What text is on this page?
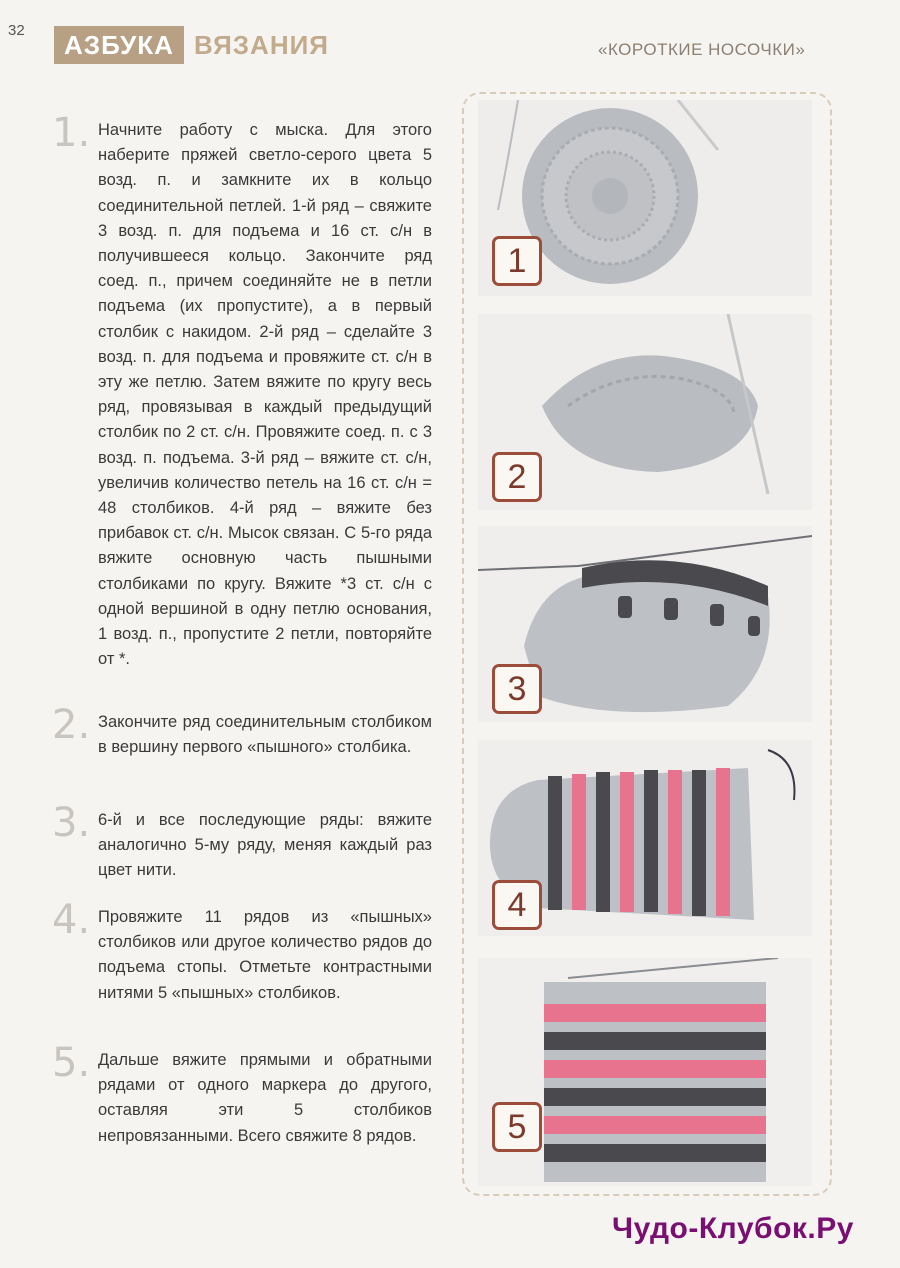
32	АЗБУКА ВЯЗАНИЯ	«КОРОТКИЕ НОСОЧКИ»
1. Начните работу с мыска. Для этого наберите пряжей светло-серого цвета 5 возд. п. и замкните их в кольцо соединительной петлей. 1-й ряд – свяжите 3 возд. п. для подъема и 16 ст. с/н в получившееся кольцо. Закончите ряд соед. п., причем соединяйте не в петли подъема (их пропустите), а в первый столбик с накидом. 2-й ряд – сделайте 3 возд. п. для подъема и провяжите ст. с/н в эту же петлю. Затем вяжите по кругу весь ряд, провязывая в каждый предыдущий столбик по 2 ст. с/н. Провяжите соед. п. с 3 возд. п. подъема. 3-й ряд – вяжите ст. с/н, увеличив количество петель на 16 ст. с/н = 48 столбиков. 4-й ряд – вяжите без прибавок ст. с/н. Мысок связан. С 5-го ряда вяжите основную часть пышными столбиками по кругу. Вяжите *3 ст. с/н с одной вершиной в одну петлю основания, 1 возд. п., пропустите 2 петли, повторяйте от *.
2. Закончите ряд соединительным столбиком в вершину первого «пышного» столбика.
3. 6-й и все последующие ряды: вяжите аналогично 5-му ряду, меняя каждый раз цвет нити.
4. Провяжите 11 рядов из «пышных» столбиков или другое количество рядов до подъема стопы. Отметьте контрастными нитями 5 «пышных» столбиков.
5. Дальше вяжите прямыми и обратными рядами от одного маркера до другого, оставляя эти 5 столбиков непровязанными. Всего свяжите 8 рядов.
1
2
3
4
5
Чудо-Клубок.Ру
